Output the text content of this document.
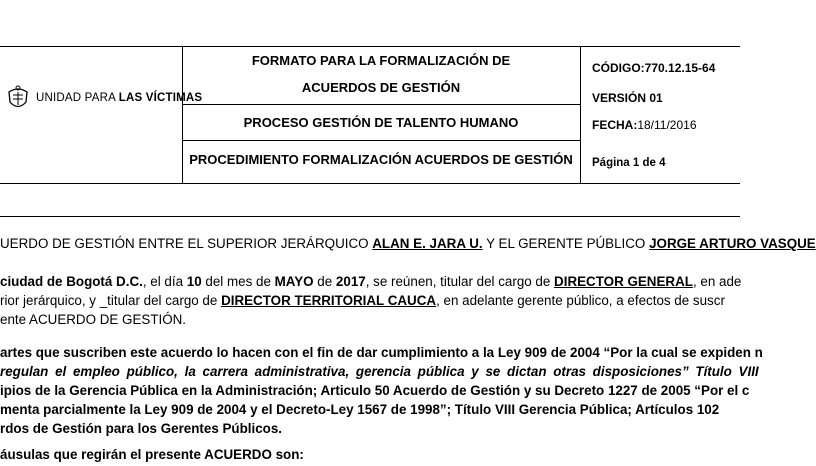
UNIDAD PARA LAS VÍCTIMAS
FORMATO PARA LA FORMALIZACIÓN DE
ACUERDOS DE GESTIÓN
PROCESO GESTIÓN DE TALENTO HUMANO
PROCEDIMIENTO FORMALIZACIÓN ACUERDOS DE GESTIÓN
CÓDIGO:770.12.15-64
VERSIÓN 01
FECHA:18/11/2016
Página 1 de 4
UERDO DE GESTIÓN ENTRE EL SUPERIOR JERÁRQUICO ALAN E. JARA U. Y EL GERENTE PÚBLICO JORGE ARTURO VASQUE
ciudad de Bogotá D.C., el día 10 del mes de MAYO de 2017, se reúnen, titular del cargo de DIRECTOR GENERAL, en ade
rior jerárquico, y _titular del cargo de DIRECTOR TERRITORIAL CAUCA, en adelante gerente público, a efectos de suscr
ente ACUERDO DE GESTIÓN.
artes que suscriben este acuerdo lo hacen con el fin de dar cumplimiento a la Ley 909 de 2004 “Por la cual se expiden n
regulan el empleo público, la carrera administrativa, gerencia pública y se dictan otras disposiciones” Título VIII
ipios de la Gerencia Pública en la Administración; Articulo 50 Acuerdo de Gestión y su Decreto 1227 de 2005 “Por el c
menta parcialmente la Ley 909 de 2004 y el Decreto-Ley 1567 de 1998”; Título VIII Gerencia Pública; Artículos 102
rdos de Gestión para los Gerentes Públicos.
áusulas que regirán el presente ACUERDO son:
